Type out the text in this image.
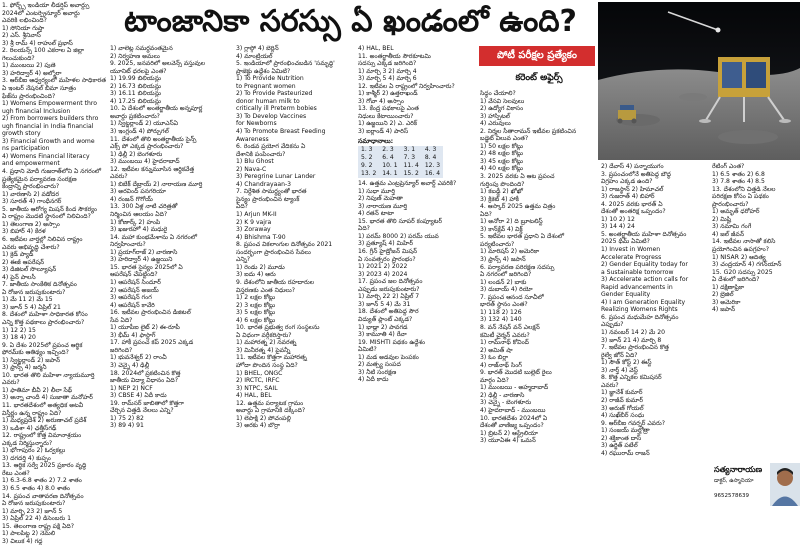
టాంజానికా సరస్సు ఏ ఖండంలో ఉంది?
పోటీ పరీక్షల ప్రత్యేకం
కరెంట్ అఫైర్స్

1. ఫోర్బ్స్ ఇండియా లీడర్షిప్ అవార్డ్సు

2024లో ఎంటర్ప్రెన్యూర్ అవార్డు

ఎవరికి లభించింది?

1) సోనియా గుప్తా

2) ఎస్. శ్రీనివాస్

3) శ్రీ రామ్ 4) రాహుల్ ప్రభాస్

2. రిలయన్స్ 100 ఎకరాల ఏ జిల్లా

గెలుచుకుంది?

1) ముంబయి 2) పుణె

3) హరిద్వార్ 4) అల్మోరా

3. ఆర్‌బీఐ ఆధ్వర్యంలో మహిళల సాధికారత

ఏ ఇంటర్ నేషనల్ బీమా సూత్రం

ఫేజ్‌ను ప్రారంభించింది?

1) Womens Empowerment thro

ugh financial Inclusion

2) From borrowers builders thro

ugh financial in India financial

growth story

3) Financial Growth and wome

ns participation

4) Womens Financial literacy

and empowerment

4. ప్రధాని మోదీ గుజరాత్‌లోని ఏ నగరంలో

ప్రత్యేకమైన పర్యావరణ సంరక్షణ

కేంద్రాన్ని ప్రారంభించారు?

1) వారణాసి 2) వడోదర

3) సూరత్ 4) గాంధీనగర్

5. జాతీయ ఆరోగ్య మిషన్ కింద సౌకర్యం

ఏ రాష్ట్రం మొదటి స్థానంలో నిలిచింది?

1) తెలంగాణ 2) అస్సాం

3) బిహార్ 4) కేరళ

6. ఇటీవల వార్తల్లో నిలిచిన రాష్ట్రం

ఎవరు అభివృద్ధి చేశారు?

1) క్రెడ్ ప్యాడ్

2) ఈజీ ఆపరేషన్

3) డిజిటల్ సొల్యూషన్

4) పైన్ పాలసీ

7. జాతీయ సాంకేతిక దినోత్సవం

ఏ రోజున జరుపుకుంటారు?

1) మే 11 2) మే 15

3) జూన్ 5 4) ఏప్రిల్ 21

8. దేశంలో మహిళా సాధికారత కోసం

ఎన్ని కొత్త పథకాలు ప్రారంభించారు?

1) 12 2) 15

3) 18 4) 20

9. ఏ దేశం 2025లో ప్రపంచ ఆర్థిక

ఫోరమ్‌కు ఆతిథ్యం ఇచ్చింది?

1) స్విట్జర్లాండ్ 2) జపాన్

3) ఫ్రాన్స్ 4) జర్మనీ

10. భారత తొలి మహిళా న్యాయమూర్తి

ఎవరు?

1) ఫాతిమా బీవీ 2) లీలా సేథ్

3) అన్నా చాందీ 4) సుజాతా మనోహర్

11. భారతదేశంలో అత్యధిక అటవీ

విస్తీర్ణం ఉన్న రాష్ట్రం ఏది?

1) మధ్యప్రదేశ్ 2) అరుణాచల్ ప్రదేశ్

3) ఒడిశా 4) ఛత్తీస్‌గఢ్

12. రాష్ట్రంలో కొత్త విమానాశ్రయం

ఎక్కడ నిర్మిస్తున్నారు?

1) భోగాపురం 2) ఓర్వకల్లు

3) దగదర్తి 4) కుప్పం

13. ఆర్థిక సర్వే 2025 ప్రకారం వృద్ధి

రేటు ఎంత?

1) 6.3-6.8 శాతం 2) 7.2 శాతం

3) 6.5 శాతం 4) 8.0 శాతం

14. ప్రపంచ వాతావరణ దినోత్సవం

ఏ రోజున జరుపుకుంటారు?

1) మార్చి 23 2) జూన్ 5

3) ఏప్రిల్ 22 4) డిసెంబరు 1

15. తెలంగాణ రాష్ట్ర పక్షి ఏది?

1) పాలపిట్ట 2) నెమలి

3) చిలుక 4) గద్ద

1) వాలెట్ల సమర్థవంతమైన

2) నిర్వహణ అమలు

9. 2025, జనవరిలో అలవెన్స్ వస్తువుల

యూనిట్ ధరలపై ఎంత?

1) 19.99 బిలియన్లు

2) 16.73 బిలియన్లు

3) 16.11 బిలియన్లు

4) 17.25 బిలియన్లు

10. ఏ దేశంలో అంతర్జాతీయ అన్నపూర్ణ

అవార్డు ప్రకటించారు?

1) స్విట్జర్లాండ్ 2) యూఎస్‌ఏ

3) ఇంగ్లండ్ 4) పోర్చుగల్

11. దేశంలో తొలి అంతర్జాతీయ సైన్స్

ఎక్స్ పో ఎక్కడ ప్రారంభించారు?

1) ఢిల్లీ 2) బెంగళూరు

3) ముంబయి 4) హైదరాబాద్

12. ఇటీవల కన్నుమూసిన ఆర్థికవేత్త

ఎవరు?

1) బిబేక్ దేబ్రాయ్ 2) నారాయణ మూర్తి

3) అరవింద్ పనగరియా

4) రంజన్ గొగోయ్

13. 300 ఏళ్ల నాటి చరిత్రతో

నిర్మించిన ఆలయం ఏది?

1) కోణార్క్ 2) హంపి

3) ఖజురహో 4) మధురై

14. మహా కుంభమేళాను ఏ నగరంలో

నిర్వహించారు?

1) ప్రయాగ్‌రాజ్ 2) వారణాసి

3) హరిద్వార్ 4) ఉజ్జయిని

15. భారత సైన్యం 2025లో ఏ

ఆపరేషన్ చేపట్టింది?

1) ఆపరేషన్ సిందూర్

2) ఆపరేషన్ అజయ్

3) ఆపరేషన్ గంగ

4) ఆపరేషన్ కావేరి

16. ఇటీవల ప్రారంభించిన డిజిటల్

సేవ ఏది?

1) యూపీఐ లైట్ 2) ఈ-రూపీ

3) భీమ్ 4) ఫాస్టాగ్

17. హాకీ ప్రపంచ కప్ 2025 ఎక్కడ

జరిగింది?

1) భువనేశ్వర్ 2) రాంచీ

3) చెన్నై 4) ఢిల్లీ

18. 2024లో ప్రకటించిన కొత్త

జాతీయ విద్యా విధానం ఏది?

1) NEP 2) NCF

3) CBSE 4) ఏదీ కాదు

19. రామ్‌సర్ జాబితాలో కొత్తగా

చేర్చిన చిత్తడి నేలలు ఎన్ని?

1) 75 2) 82

3) 89 4) 91

3) గ్లాస్గో 4) బెర్లిన్

4) మాంట్రియల్

5. ఇండియాలో ప్రారంభించబడిన 'సమృద్ధి'

ప్రాజెక్టు ఉద్దేశం ఏమిటి?

1) To Provide Nutrition

to Pregnant women

2) To Provide Pasteurized

donor human milk to

critically ill Preterm bobies

3) To Develop Vaccines

for Newborns

4) To Promote Breast Feeding

Awareness

6. రెండవ ప్రయోగ వేదికను ఏ

దేశానికి పంపించారు?

1) Blu Ghost

2) Nava-C

3) Peregrine Lunar Lander

4) Chandrayaan-3

7. నిర్దేశిత సామర్థ్యంతో భారత

సైన్యం ప్రారంభించిన ట్యాంక్

ఏది?

1) Arjun MK-II

2) K 9 vajra

3) Zoraway

4) Bhishma T-90

8. ప్రపంచ వికలాంగుల దినోత్సవం 2021

సందర్భంగా ప్రారంభించిన సేవలు

ఎన్ని?

1) రెండు 2) మూడు

3) ఐదు 4) ఆరు

9. దేశంలోని జాతీయ రహదారుల

విస్తరణకు ఎంత నిధులు?

1) 2 లక్షల కోట్లు

2) 3 లక్షల కోట్లు

3) 5 లక్షల కోట్లు

4) 6 లక్షల కోట్లు

10. భారత ప్రభుత్వ రంగ సంస్థలను

ఏ విధంగా వర్గీకరిస్తారు?

1) మహారత్న 2) నవరత్న

3) మినీరత్న 4) పైవన్నీ

11. ఇటీవల కొత్తగా మహారత్న

హోదా పొందిన సంస్థ ఏది?

1) BHEL, ONGC

2) IRCTC, IRFC

3) NTPC, SAIL

4) HAL, BEL

12. ఉత్తమ పర్యాటక గ్రామం

అవార్డు ఏ గ్రామానికి దక్కింది?

1) లెపాక్షి 2) పోచంపల్లి

3) అరకు 4) బొర్రా

4) HAL, BEL

11. అంతర్జాతీయ సౌరకూటమి

సదస్సు ఎక్కడ జరిగింది?

1) మార్చి 3 2) మార్చి 4

3) మార్చి 5 4) మార్చి 6

12. ఇటీవల ఏ రాష్ట్రంలో నిర్వహించారు?

1) కాశ్మీర్ 2) ఉత్తరాఖండ్

3) గోవా 4) అస్సాం

13. కేంద్ర పథకాలపై ఎంత

నిధులు కేటాయించారు?

1) ఉజ్జయిని 2) ఎ. ఎరిక్

3) ఐర్లాండ్ 4) పారిస్

సమాధానాలు:

1. 3	2. 3	3. 1	4. 3
5. 2	6. 4	7. 3	8. 4
9. 2	10. 1	11. 4	12. 3
13. 2	14. 1	15. 2	16. 4

14. ఉత్తమ ఎంట్రప్రెన్యూర్ అవార్డ్ ఎవరికి?

1) సుధా మూర్తి

2) నిపుణ్ మెహతా

3) నారాయణ మూర్తి

4) రతన్ టాటా

15. భారత తొలి సూపర్ కంప్యూటర్

ఏది?

1) పరమ్ 8000 2) పరమ్ యువ

3) ప్రత్యూష్ 4) మిహిర్

16. గ్రీన్ హైడ్రోజన్ మిషన్

ఏ సంవత్సరం ప్రారంభం?

1) 2021 2) 2022

3) 2023 4) 2024

17. ప్రపంచ జల దినోత్సవం

ఎప్పుడు జరుపుకుంటారు?

1) మార్చి 22 2) ఏప్రిల్ 7

3) జూన్ 5 4) మే 31

18. దేశంలో అతిపెద్ద సౌర

విద్యుత్ ప్లాంట్ ఎక్కడ?

1) భాడ్లా 2) పావగడ

3) కామూతి 4) రేవా

19. MISHTI పథకం ఉద్దేశం

ఏమిటి?

1) మడ అడవుల పెంపకం

2) మత్స్య సంపద

3) నీటి సంరక్షణ

4) ఏదీ కాదు

సిద్ధం చేయాలి?

1) వేసవి సెలవులు

2) ఉద్యోగ వికాసం

3) హాస్పిటల్

4) ఎరువులు

2. నిర్మల సీతారామన్ ఇటీవల ప్రకటించిన

బడ్జెట్ విలువ ఎంత?

1) 50 లక్షల కోట్లు

2) 48 లక్షల కోట్లు

3) 45 లక్షల కోట్లు

4) 40 లక్షల కోట్లు

3. 2025 వరకు ఏ ఆట ప్రపంచ

గుర్తింపు పొందింది?

1) కబడ్డీ 2) ఖోఖో

3) క్రికెట్ 4) హాకీ

4. ఆస్కార్ 2025 ఉత్తమ చిత్రం

ఏది?

1) అనోరా 2) ది బ్రూటలిస్ట్

3) కాన్‌క్లేవ్ 4) విక్డ్

5. ఇటీవల భారత ప్రధాని ఏ దేశంలో

పర్యటించారు?

1) మారిషస్ 2) అమెరికా

3) ఫ్రాన్స్ 4) జపాన్

6. పర్యావరణ పరిరక్షణ సదస్సు

ఏ నగరంలో జరిగింది?

1) లండన్ 2) బాకు

3) దుబాయ్ 4) రియో

7. ప్రపంచ ఆనంద సూచీలో

భారత్ స్థానం ఎంత?

1) 118 2) 126

3) 132 4) 140

8. వన్‌ నేషన్ వన్‌ ఎలక్షన్

కమిటీ చైర్మన్ ఎవరు?

1) రామ్‌నాథ్ కోవింద్

2) అమిత్ షా

3) ఓం బిర్లా

4) రాజ్‌నాథ్ సింగ్

9. భారత్ మొదటి బుల్లెట్ రైలు

మార్గం ఏది?

1) ముంబయి - అహ్మదాబాద్

2) ఢిల్లీ - వారణాసి

3) చెన్నై - బెంగళూరు

4) హైదరాబాద్ - ముంబయి

10. భారతదేశం 2024లో ఏ

దేశంతో వాణిజ్య ఒప్పందం?

1) బ్రిటన్ 2) ఆస్ట్రేలియా

3) యూఏఈ 4) ఒమన్

2) దేవాస్ 4) పన్నాయుగం

3. ప్రపంచంలోనే అతిపెద్ద బౌద్ధ

విగ్రహం ఎక్కడ ఉంది?

1) రాజస్థాన్ 2) హిమాచల్

3) గుజరాత్ 4) బిహార్

4. 2025 వరకు భారత్ ఏ

దేశంతో అంతరిక్ష ఒప్పందం?

1) 10 2) 12

3) 14 4) 24

5. అంతర్జాతీయ మహిళా దినోత్సవం

2025 థీమ్ ఏమిటి?

1) Invest in Women

Accelerate Progress

2) Gender Equality today for

a Sustainable tomorrow

3) Accelerate action calls for

Rapid advancements in

Gender Equality

4) I am Generation Equality

Realizing Womens Rights

6. ప్రపంచ మధుమేహ దినోత్సవం

ఎప్పుడు?

1) నవంబర్ 14 2) మే 20

3) జూన్ 21 4) మార్చి 8

7. ఇటీవల ప్రారంభించిన కొత్త

రైల్వే జోన్ ఏది?

1) సౌత్ కోస్ట్ 2) ఈస్ట్

3) నార్త్ 4) వెస్ట్

8. కొత్త ఎన్నికల కమిషనర్

ఎవరు?

1) జ్ఞానేశ్ కుమార్

2) రాజీవ్ కుమార్

3) అరుణ్ గోయల్

4) సుఖ్‌బీర్ సంధు

9. ఆర్‌బీఐ గవర్నర్ ఎవరు?

1) సంజయ్ మల్హోత్రా

2) శక్తికాంత దాస్

3) ఉర్జిత్ పటేల్

4) రఘురామ్ రాజన్

రేటింగ్ ఎంత?

1) 6.5 శాతం 2) 6.8

3) 7.8 శాతం 4) 8.5

13. దేశంలోని చిత్తడి నేలల

పరిరక్షణ కోసం ఏ పథకం

ప్రారంభించారు?

1) అమృత్ ధరోహర్

2) మిష్టి

3) నమామి గంగే

4) జల్ జీవన్

14. ఇటీవల నాసాతో కలిసి

ప్రయోగించిన ఉపగ్రహం?

1) NISAR 2) ఆదిత్య

3) చంద్రయాన్ 4) గగన్‌యాన్

15. G20 సదస్సు 2025

ఏ దేశంలో జరిగింది?

1) దక్షిణాఫ్రికా

2) బ్రెజిల్

3) అమెరికా

4) జపాన్

సత్యనారాయణ
డాక్టర్, ఉస్మానియా
9652578639
